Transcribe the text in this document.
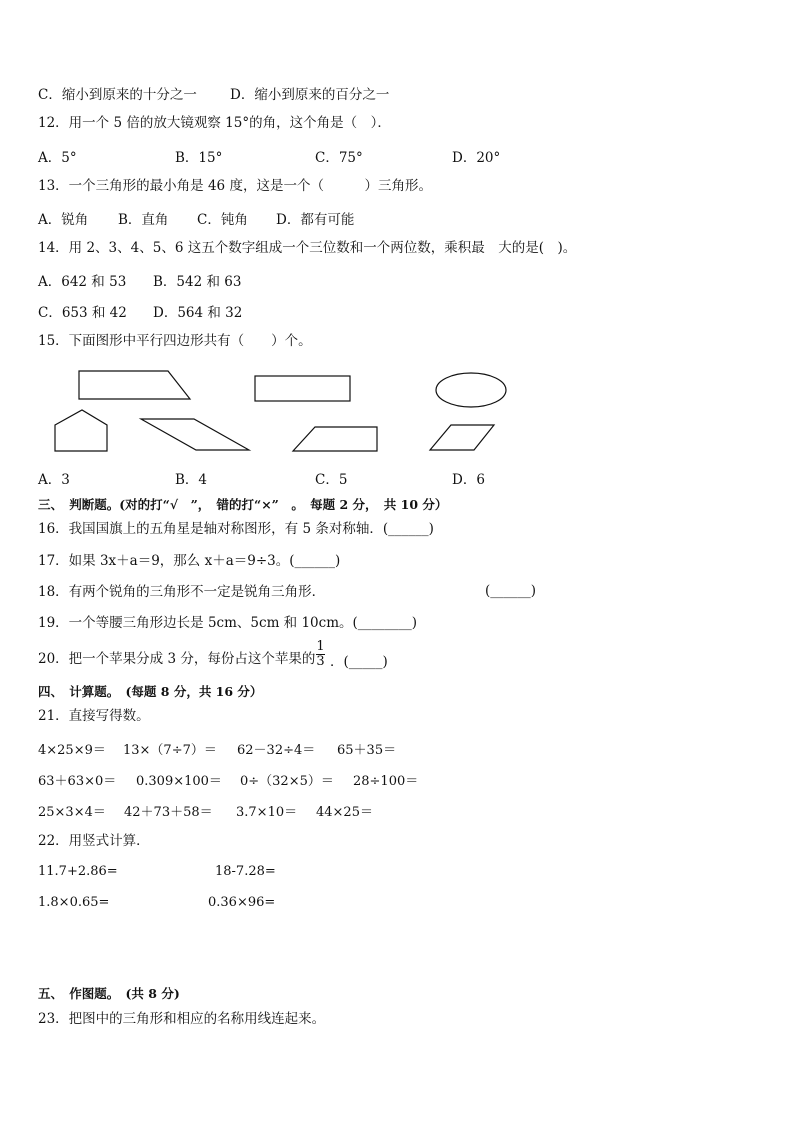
C．缩小到原来的十分之一 D．缩小到原来的百分之一
12．用一个 5 倍的放大镜观察 15°的角，这个角是（　）．
A．5°	B．15°	C．75°	D．20°
13．一个三角形的最小角是 46 度，这是一个（　　　）三角形。
A．锐角 B．直角 C．钝角 D．都有可能
14．用 2、3、4、5、6 这五个数字组成一个三位数和一个两位数，乘积最　大的是(　)。
A．642 和 53 B．542 和 63
C．653 和 42 D．564 和 32
15．下面图形中平行四边形共有（　　）个。
A．3	B．4	C．5	D．6
三、　判断题。(对的打“√　”，　错的打“×”　。　每题 2 分，　共 10 分）
16．我国国旗上的五角星是轴对称图形，有 5 条对称轴．(______)
17．如果 3x＋a＝9，那么 x＋a＝9÷3。(______)
18．有两个锐角的三角形不一定是锐角三角形．	(______)
19．一个等腰三角形边长是 5cm、5cm 和 10cm。(________)
20．把一个苹果分成 3 分，每份占这个苹果的
1
3 ．(_____)
四、　计算题。　(每题 8 分，共 16 分）
21．直接写得数。
4×25×9＝ 13×（7÷7）＝ 62－32÷4＝ 65＋35＝
63＋63×0＝ 0.309×100＝ 0÷（32×5）＝ 28÷100＝
25×3×4＝ 42＋73＋58＝ 3.7×10＝ 44×25＝
22．用竖式计算．
11.7+2.86=	18-7.28=
1.8×0.65=	0.36×96=
五、　作图题。　(共 8 分)
23．把图中的三角形和相应的名称用线连起来。
